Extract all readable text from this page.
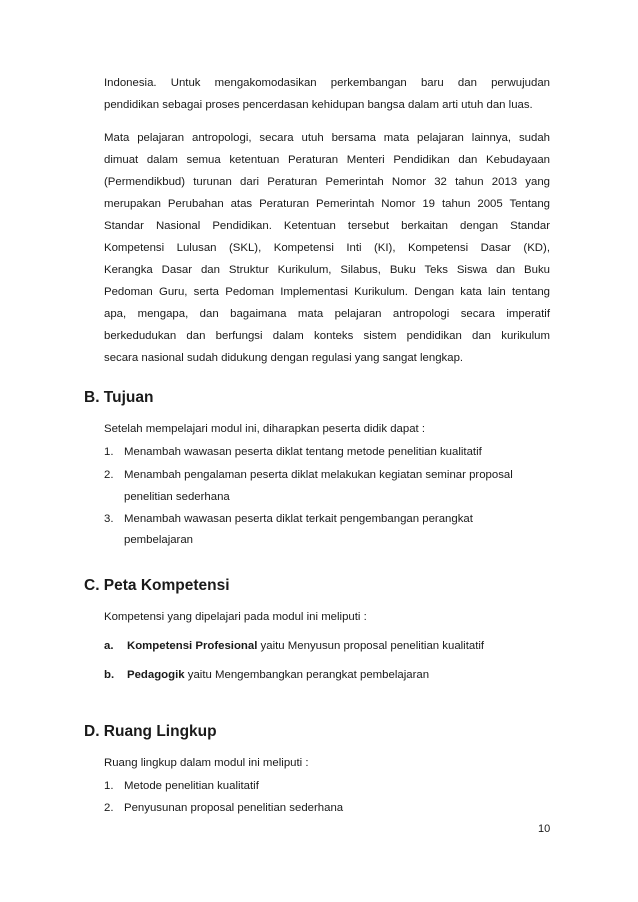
Indonesia. Untuk mengakomodasikan perkembangan baru dan perwujudan
pendidikan sebagai proses pencerdasan kehidupan bangsa dalam arti utuh dan luas.
Mata pelajaran antropologi, secara utuh bersama mata pelajaran lainnya, sudah
dimuat dalam semua ketentuan Peraturan Menteri Pendidikan dan Kebudayaan
(Permendikbud) turunan dari Peraturan Pemerintah Nomor 32 tahun 2013 yang
merupakan Perubahan atas Peraturan Pemerintah Nomor 19 tahun 2005 Tentang
Standar Nasional Pendidikan. Ketentuan tersebut berkaitan dengan Standar
Kompetensi Lulusan (SKL), Kompetensi Inti (KI), Kompetensi Dasar (KD),
Kerangka Dasar dan Struktur Kurikulum, Silabus, Buku Teks Siswa dan Buku
Pedoman Guru, serta Pedoman Implementasi Kurikulum. Dengan kata lain tentang
apa, mengapa, dan bagaimana mata pelajaran antropologi secara imperatif
berkedudukan dan berfungsi dalam konteks sistem pendidikan dan kurikulum
secara nasional sudah didukung dengan regulasi yang sangat lengkap.
B. Tujuan
Setelah mempelajari modul ini, diharapkan peserta didik dapat :
1. Menambah wawasan peserta diklat tentang metode penelitian kualitatif
2. Menambah pengalaman peserta diklat melakukan kegiatan seminar proposal
penelitian sederhana
3. Menambah wawasan peserta diklat terkait pengembangan perangkat
pembelajaran
C. Peta Kompetensi
Kompetensi yang dipelajari pada modul ini meliputi :
a. Kompetensi Profesional yaitu Menyusun proposal penelitian kualitatif
b. Pedagogik yaitu Mengembangkan perangkat pembelajaran
D. Ruang Lingkup
Ruang lingkup dalam modul ini meliputi :
1. Metode penelitian kualitatif
2. Penyusunan proposal penelitian sederhana
10
